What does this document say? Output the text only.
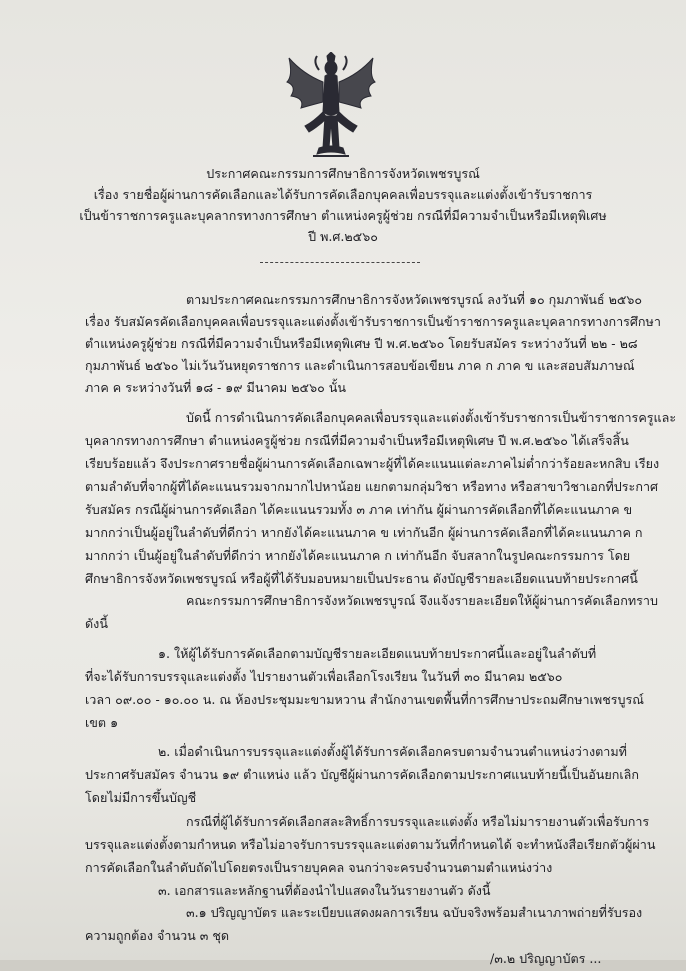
ประกาศคณะกรรมการศึกษาธิการจังหวัดเพชรบูรณ์
เรื่อง รายชื่อผู้ผ่านการคัดเลือกและได้รับการคัดเลือกบุคคลเพื่อบรรจุและแต่งตั้งเข้ารับราชการ
เป็นข้าราชการครูและบุคลากรทางการศึกษา ตำแหน่งครูผู้ช่วย กรณีที่มีความจำเป็นหรือมีเหตุพิเศษ
ปี พ.ศ.๒๕๖๐
ตามประกาศคณะกรรมการศึกษาธิการจังหวัดเพชรบูรณ์ ลงวันที่ ๑๐ กุมภาพันธ์ ๒๕๖๐
เรื่อง รับสมัครคัดเลือกบุคคลเพื่อบรรจุและแต่งตั้งเข้ารับราชการเป็นข้าราชการครูและบุคลากรทางการศึกษา
ตำแหน่งครูผู้ช่วย กรณีที่มีความจำเป็นหรือมีเหตุพิเศษ ปี พ.ศ.๒๕๖๐ โดยรับสมัคร ระหว่างวันที่ ๒๒ - ๒๘
กุมภาพันธ์ ๒๕๖๐ ไม่เว้นวันหยุดราชการ และดำเนินการสอบข้อเขียน ภาค ก ภาค ข และสอบสัมภาษณ์
ภาค ค ระหว่างวันที่ ๑๘ - ๑๙ มีนาคม ๒๕๖๐ นั้น
บัดนี้ การดำเนินการคัดเลือกบุคคลเพื่อบรรจุและแต่งตั้งเข้ารับราชการเป็นข้าราชการครูและ
บุคลากรทางการศึกษา ตำแหน่งครูผู้ช่วย กรณีที่มีความจำเป็นหรือมีเหตุพิเศษ ปี พ.ศ.๒๕๖๐ ได้เสร็จสิ้น
เรียบร้อยแล้ว จึงประกาศรายชื่อผู้ผ่านการคัดเลือกเฉพาะผู้ที่ได้คะแนนแต่ละภาคไม่ต่ำกว่าร้อยละหกสิบ เรียง
ตามลำดับที่จากผู้ที่ได้คะแนนรวมจากมากไปหาน้อย แยกตามกลุ่มวิชา หรือทาง หรือสาขาวิชาเอกที่ประกาศ
รับสมัคร กรณีผู้ผ่านการคัดเลือก ได้คะแนนรวมทั้ง ๓ ภาค เท่ากัน ผู้ผ่านการคัดเลือกที่ได้คะแนนภาค ข
มากกว่าเป็นผู้อยู่ในลำดับที่ดีกว่า หากยังได้คะแนนภาค ข เท่ากันอีก ผู้ผ่านการคัดเลือกที่ได้คะแนนภาค ก
มากกว่า เป็นผู้อยู่ในลำดับที่ดีกว่า หากยังได้คะแนนภาค ก เท่ากันอีก จับสลากในรูปคณะกรรมการ โดย
ศึกษาธิการจังหวัดเพชรบูรณ์ หรือผู้ที่ได้รับมอบหมายเป็นประธาน ดังบัญชีรายละเอียดแนบท้ายประกาศนี้
คณะกรรมการศึกษาธิการจังหวัดเพชรบูรณ์ จึงแจ้งรายละเอียดให้ผู้ผ่านการคัดเลือกทราบ
ดังนี้
๑. ให้ผู้ได้รับการคัดเลือกตามบัญชีรายละเอียดแนบท้ายประกาศนี้และอยู่ในลำดับที่
ที่จะได้รับการบรรจุและแต่งตั้ง ไปรายงานตัวเพื่อเลือกโรงเรียน ในวันที่ ๓๐ มีนาคม ๒๕๖๐
เวลา ๐๙.๐๐ - ๑๐.๐๐ น. ณ ห้องประชุมมะขามหวาน สำนักงานเขตพื้นที่การศึกษาประถมศึกษาเพชรบูรณ์
เขต ๑
๒. เมื่อดำเนินการบรรจุและแต่งตั้งผู้ได้รับการคัดเลือกครบตามจำนวนตำแหน่งว่างตามที่
ประกาศรับสมัคร จำนวน ๑๙ ตำแหน่ง แล้ว บัญชีผู้ผ่านการคัดเลือกตามประกาศแนบท้ายนี้เป็นอันยกเลิก
โดยไม่มีการขึ้นบัญชี
กรณีที่ผู้ได้รับการคัดเลือกสละสิทธิ์การบรรจุและแต่งตั้ง หรือไม่มารายงานตัวเพื่อรับการ
บรรจุและแต่งตั้งตามกำหนด หรือไม่อาจรับการบรรจุและแต่งตามวันที่กำหนดได้ จะทำหนังสือเรียกตัวผู้ผ่าน
การคัดเลือกในลำดับถัดไปโดยตรงเป็นรายบุคคล จนกว่าจะครบจำนวนตามตำแหน่งว่าง
๓. เอกสารและหลักฐานที่ต้องนำไปแสดงในวันรายงานตัว ดังนี้
๓.๑ ปริญญาบัตร และระเบียบแสดงผลการเรียน ฉบับจริงพร้อมสำเนาภาพถ่ายที่รับรอง
ความถูกต้อง จำนวน ๓ ชุด
/๓.๒ ปริญญาบัตร ...
